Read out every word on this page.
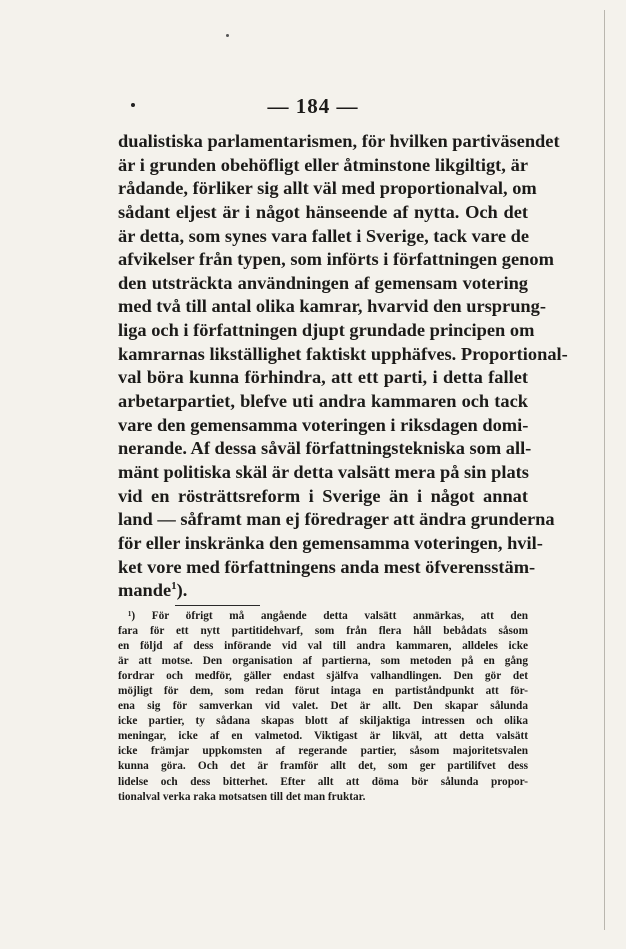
— 184 —
dualistiska parlamentarismen, för hvilken partiväsendet
är i grunden obehöfligt eller åtminstone likgiltigt, är
rådande, förliker sig allt väl med proportionalval, om
sådant eljest är i något hänseende af nytta. Och det
är detta, som synes vara fallet i Sverige, tack vare de
afvikelser från typen, som införts i författningen genom
den utsträckta användningen af gemensam votering
med två till antal olika kamrar, hvarvid den ursprung-
liga och i författningen djupt grundade principen om
kamrarnas likställighet faktiskt upphäfves. Proportional-
val böra kunna förhindra, att ett parti, i detta fallet
arbetarpartiet, blefve uti andra kammaren och tack
vare den gemensamma voteringen i riksdagen domi-
nerande. Af dessa såväl författningstekniska som all-
mänt politiska skäl är detta valsätt mera på sin plats
vid en rösträttsreform i Sverige än i något annat
land — såframt man ej föredrager att ändra grunderna
för eller inskränka den gemensamma voteringen, hvil-
ket vore med författningens anda mest öfverensstäm-
mande$^1$).
¹) För öfrigt må angående detta valsätt anmärkas, att den
fara för ett nytt partitidehvarf, som från flera håll bebådats såsom
en följd af dess införande vid val till andra kammaren, alldeles icke
är att motse. Den organisation af partierna, som metoden på en gång
fordrar och medför, gäller endast själfva valhandlingen. Den gör det
möjligt för dem, som redan förut intaga en partiståndpunkt att för-
ena sig för samverkan vid valet. Det är allt. Den skapar sålunda
icke partier, ty sådana skapas blott af skiljaktiga intressen och olika
meningar, icke af en valmetod. Viktigast är likväl, att detta valsätt
icke främjar uppkomsten af regerande partier, såsom majoritetsvalen
kunna göra. Och det är framför allt det, som ger partilifvet dess
lidelse och dess bitterhet. Efter allt att döma bör sålunda propor-
tionalval verka raka motsatsen till det man fruktar.
